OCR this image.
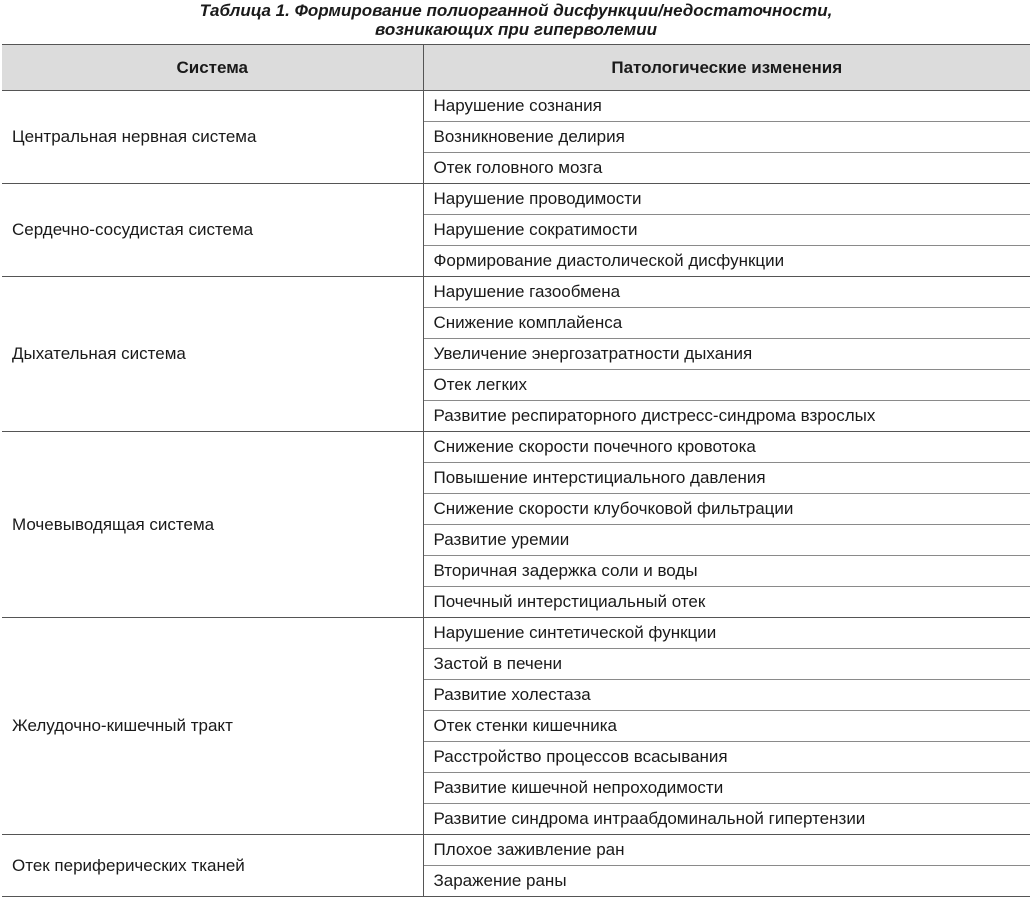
Таблица 1. Формирование полиорганной дисфункции/недостаточности,
возникающих при гиперволемии
Система	Патологические изменения
Центральная нервная система	Нарушение сознания
	Возникновение делирия
	Отек головного мозга
Сердечно-сосудистая система	Нарушение проводимости
	Нарушение сократимости
	Формирование диастолической дисфункции
Дыхательная система	Нарушение газообмена
	Снижение комплайенса
	Увеличение энергозатратности дыхания
	Отек легких
	Развитие респираторного дистресс-синдрома взрослых
Мочевыводящая система	Снижение скорости почечного кровотока
	Повышение интерстициального давления
	Снижение скорости клубочковой фильтрации
	Развитие уремии
	Вторичная задержка соли и воды
	Почечный интерстициальный отек
Желудочно-кишечный тракт	Нарушение синтетической функции
	Застой в печени
	Развитие холестаза
	Отек стенки кишечника
	Расстройство процессов всасывания
	Развитие кишечной непроходимости
	Развитие синдрома интраабдоминальной гипертензии
Отек периферических тканей	Плохое заживление ран
	Заражение раны
